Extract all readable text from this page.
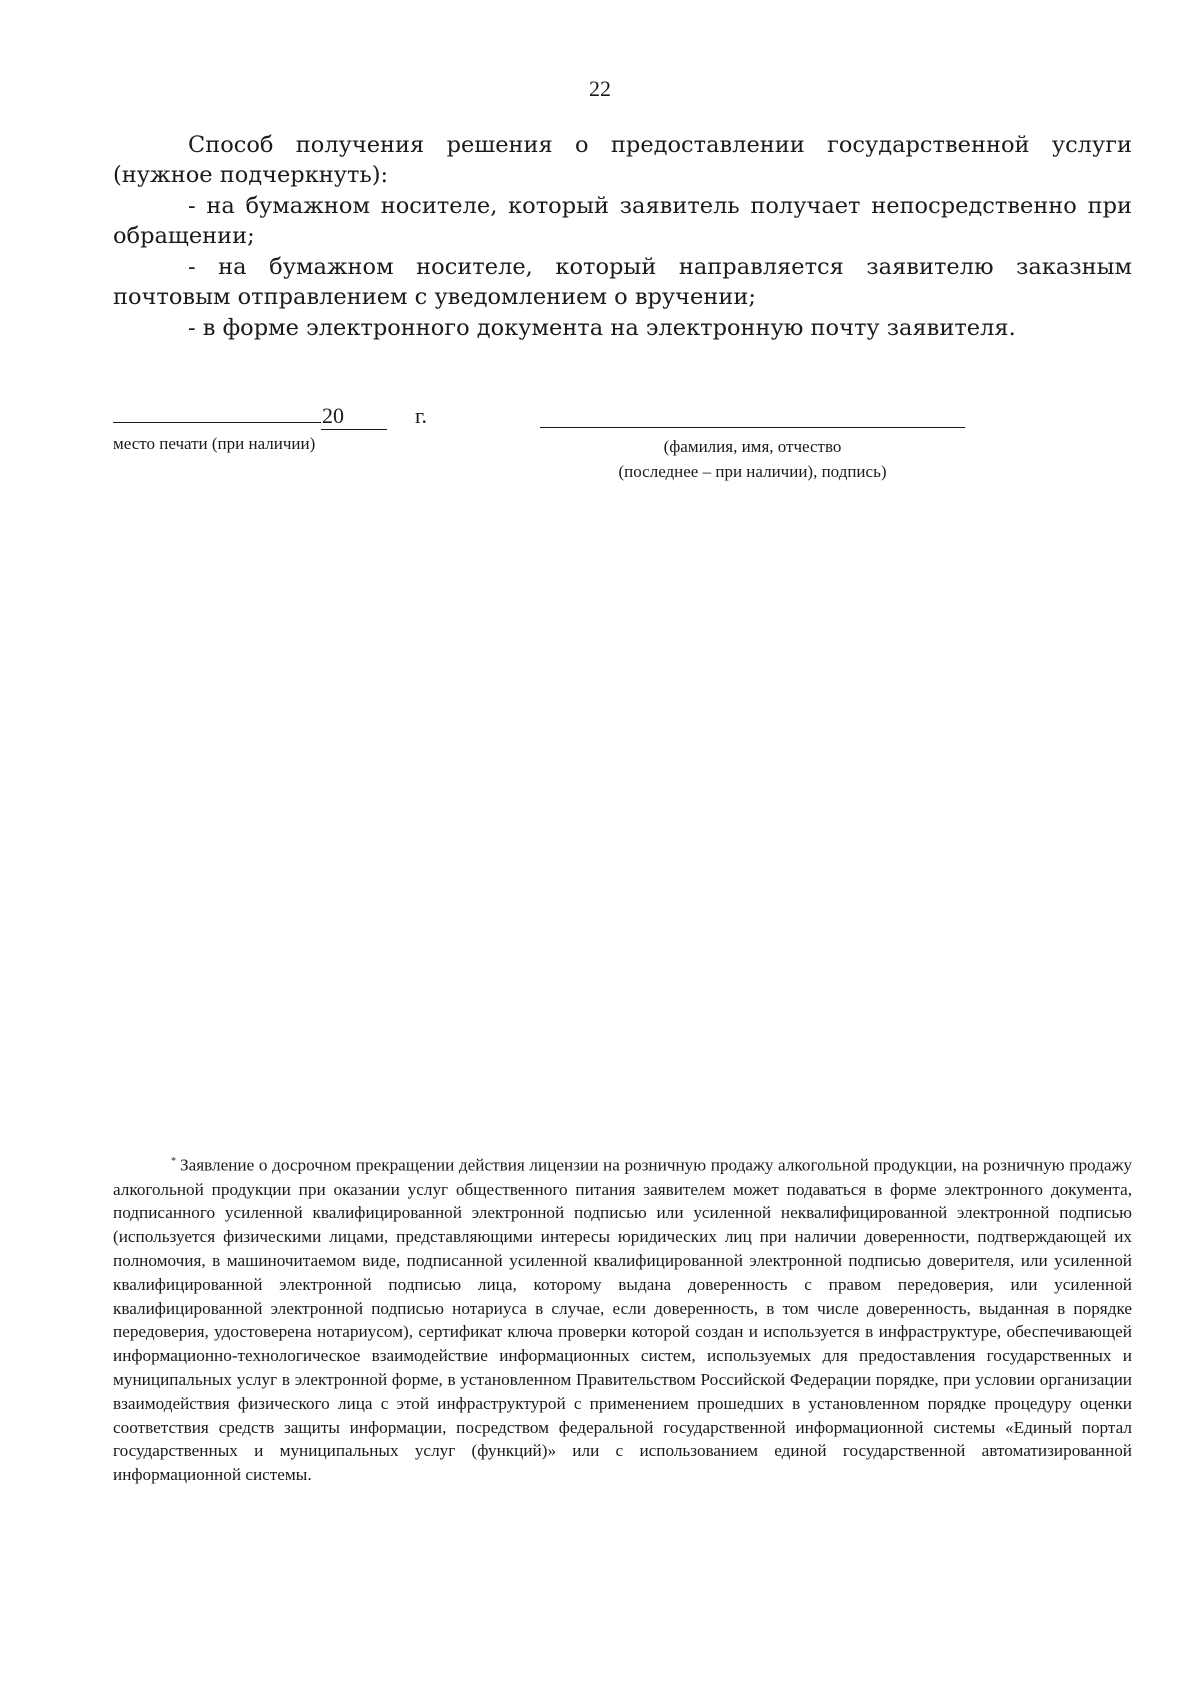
22

Способ получения решения о предоставлении государственной услуги (нужное подчеркнуть):

- на бумажном носителе, который заявитель получает непосредственно при обращении;

- на бумажном носителе, который направляется заявителю заказным почтовым отправлением с уведомлением о вручении;

- в форме электронного документа на электронную почту заявителя.

20	г.
место печати (при наличии)	(фамилия, имя, отчество
(последнее – при наличии), подпись)
* Заявление о досрочном прекращении действия лицензии на розничную продажу алкогольной продукции, на розничную продажу алкогольной продукции при оказании услуг общественного питания заявителем может подаваться в форме электронного документа, подписанного усиленной квалифицированной электронной подписью или усиленной неквалифицированной электронной подписью (используется физическими лицами, представляющими интересы юридических лиц при наличии доверенности, подтверждающей их полномочия, в машиночитаемом виде, подписанной усиленной квалифицированной электронной подписью доверителя, или усиленной квалифицированной электронной подписью лица, которому выдана доверенность с правом передоверия, или усиленной квалифицированной электронной подписью нотариуса в случае, если доверенность, в том числе доверенность, выданная в порядке передоверия, удостоверена нотариусом), сертификат ключа проверки которой создан и используется в инфраструктуре, обеспечивающей информационно-технологическое взаимодействие информационных систем, используемых для предоставления государственных и муниципальных услуг в электронной форме, в установленном Правительством Российской Федерации порядке, при условии организации взаимодействия физического лица с этой инфраструктурой с применением прошедших в установленном порядке процедуру оценки соответствия средств защиты информации, посредством федеральной государственной информационной системы «Единый портал государственных и муниципальных услуг (функций)» или с использованием единой государственной автоматизированной информационной системы.
